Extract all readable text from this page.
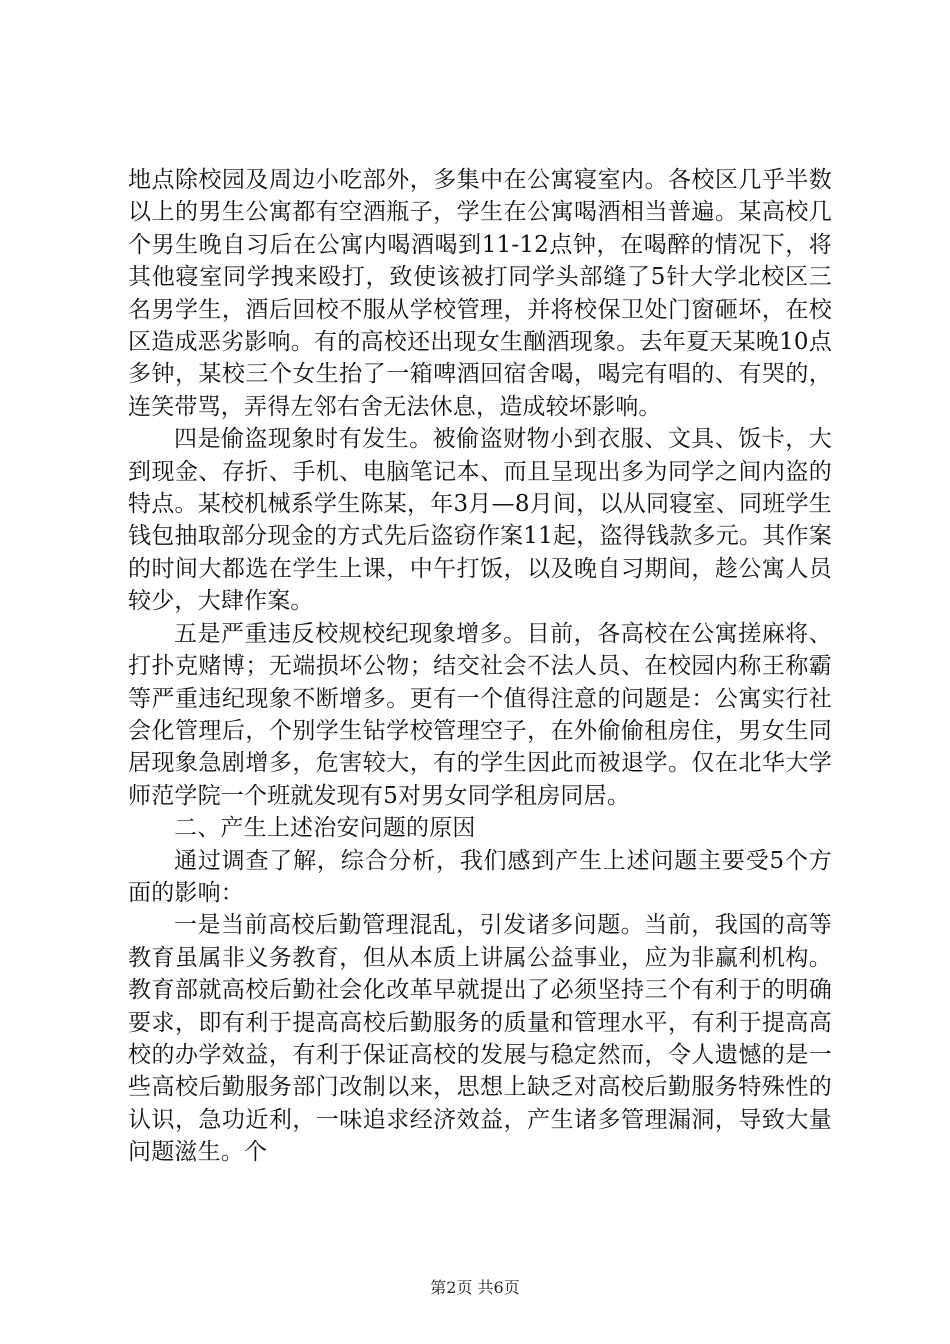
地点除校园及周边小吃部外，多集中在公寓寝室内。各校区几乎半数以上的男生公寓都有空酒瓶子，学生在公寓喝酒相当普遍。某高校几个男生晚自习后在公寓内喝酒喝到11-12点钟，在喝醉的情况下，将其他寝室同学拽来殴打，致使该被打同学头部缝了5针大学北校区三名男学生，酒后回校不服从学校管理，并将校保卫处门窗砸坏，在校区造成恶劣影响。有的高校还出现女生酗酒现象。去年夏天某晚10点多钟，某校三个女生抬了一箱啤酒回宿舍喝，喝完有唱的、有哭的，连笑带骂，弄得左邻右舍无法休息，造成较坏影响。

四是偷盗现象时有发生。被偷盗财物小到衣服、文具、饭卡，大到现金、存折、手机、电脑笔记本、而且呈现出多为同学之间内盗的特点。某校机械系学生陈某，年3月—8月间，以从同寝室、同班学生钱包抽取部分现金的方式先后盗窃作案11起，盗得钱款多元。其作案的时间大都选在学生上课，中午打饭，以及晚自习期间，趁公寓人员较少，大肆作案。

五是严重违反校规校纪现象增多。目前，各高校在公寓搓麻将、打扑克赌博；无端损坏公物；结交社会不法人员、在校园内称王称霸等严重违纪现象不断增多。更有一个值得注意的问题是：公寓实行社会化管理后，个别学生钻学校管理空子，在外偷偷租房住，男女生同居现象急剧增多，危害较大，有的学生因此而被退学。仅在北华大学师范学院一个班就发现有5对男女同学租房同居。

二、产生上述治安问题的原因

通过调查了解，综合分析，我们感到产生上述问题主要受5个方面的影响：

一是当前高校后勤管理混乱，引发诸多问题。当前，我国的高等教育虽属非义务教育，但从本质上讲属公益事业，应为非赢利机构。教育部就高校后勤社会化改革早就提出了必须坚持三个有利于的明确要求，即有利于提高高校后勤服务的质量和管理水平，有利于提高高校的办学效益，有利于保证高校的发展与稳定然而，令人遗憾的是一些高校后勤服务部门改制以来，思想上缺乏对高校后勤服务特殊性的认识，急功近利，一味追求经济效益，产生诸多管理漏洞，导致大量问题滋生。个

第2页 共6页
